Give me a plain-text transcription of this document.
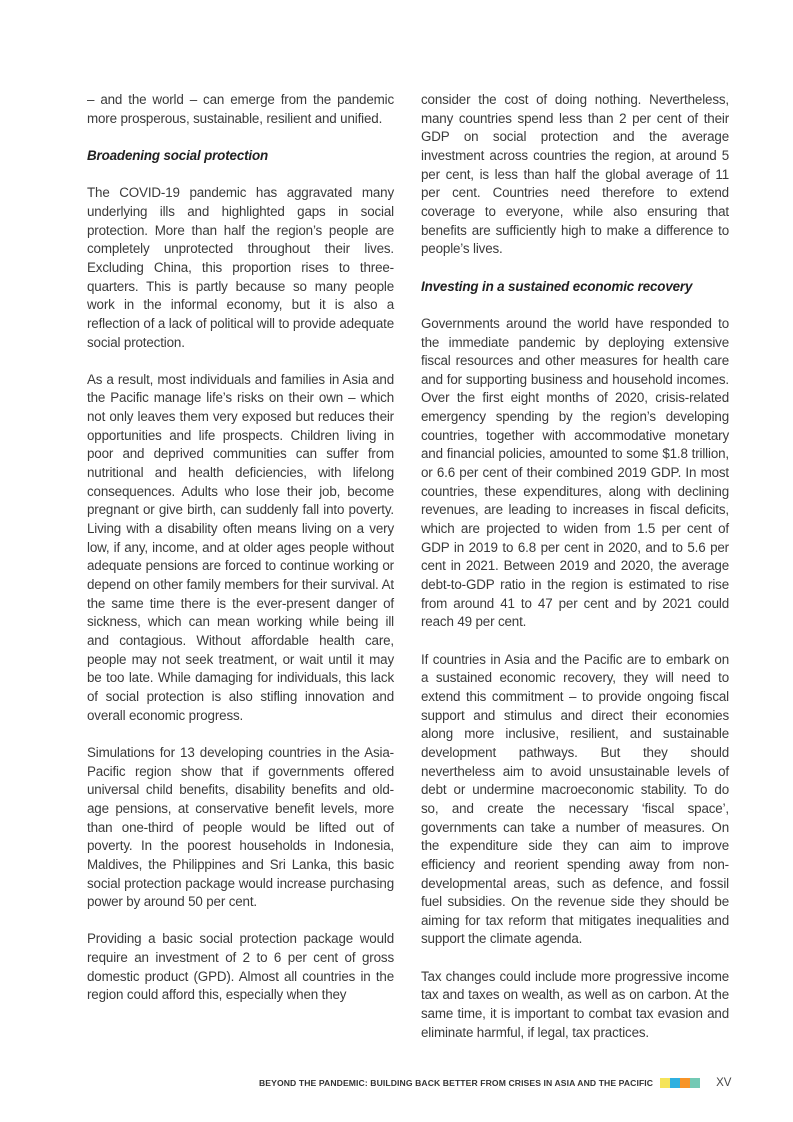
– and the world – can emerge from the pandemic more prosperous, sustainable, resilient and unified.

Broadening social protection

The COVID-19 pandemic has aggravated many underlying ills and highlighted gaps in social protection. More than half the region’s people are completely unprotected throughout their lives. Excluding China, this proportion rises to three-quarters. This is partly because so many people work in the informal economy, but it is also a reflection of a lack of political will to provide adequate social protection.

As a result, most individuals and families in Asia and the Pacific manage life’s risks on their own – which not only leaves them very exposed but reduces their opportunities and life prospects. Children living in poor and deprived communities can suffer from nutritional and health deficiencies, with lifelong consequences. Adults who lose their job, become pregnant or give birth, can suddenly fall into poverty. Living with a disability often means living on a very low, if any, income, and at older ages people without adequate pensions are forced to continue working or depend on other family members for their survival. At the same time there is the ever-present danger of sickness, which can mean working while being ill and contagious. Without affordable health care, people may not seek treatment, or wait until it may be too late. While damaging for individuals, this lack of social protection is also stifling innovation and overall economic progress.

Simulations for 13 developing countries in the Asia-Pacific region show that if governments offered universal child benefits, disability benefits and old-age pensions, at conservative benefit levels, more than one-third of people would be lifted out of poverty. In the poorest households in Indonesia, Maldives, the Philippines and Sri Lanka, this basic social protection package would increase purchasing power by around 50 per cent.

Providing a basic social protection package would require an investment of 2 to 6 per cent of gross domestic product (GPD). Almost all countries in the region could afford this, especially when they

consider the cost of doing nothing. Nevertheless, many countries spend less than 2 per cent of their GDP on social protection and the average investment across countries the region, at around 5 per cent, is less than half the global average of 11 per cent. Countries need therefore to extend coverage to everyone, while also ensuring that benefits are sufficiently high to make a difference to people’s lives.

Investing in a sustained economic recovery

Governments around the world have responded to the immediate pandemic by deploying extensive fiscal resources and other measures for health care and for supporting business and household incomes. Over the first eight months of 2020, crisis-related emergency spending by the region’s developing countries, together with accommodative monetary and financial policies, amounted to some $1.8 trillion, or 6.6 per cent of their combined 2019 GDP. In most countries, these expenditures, along with declining revenues, are leading to increases in fiscal deficits, which are projected to widen from 1.5 per cent of GDP in 2019 to 6.8 per cent in 2020, and to 5.6 per cent in 2021. Between 2019 and 2020, the average debt-to-GDP ratio in the region is estimated to rise from around 41 to 47 per cent and by 2021 could reach 49 per cent.

If countries in Asia and the Pacific are to embark on a sustained economic recovery, they will need to extend this commitment – to provide ongoing fiscal support and stimulus and direct their economies along more inclusive, resilient, and sustainable development pathways. But they should nevertheless aim to avoid unsustainable levels of debt or undermine macroeconomic stability. To do so, and create the necessary ‘fiscal space’, governments can take a number of measures. On the expenditure side they can aim to improve efficiency and reorient spending away from non-developmental areas, such as defence, and fossil fuel subsidies. On the revenue side they should be aiming for tax reform that mitigates inequalities and support the climate agenda.

Tax changes could include more progressive income tax and taxes on wealth, as well as on carbon. At the same time, it is important to combat tax evasion and eliminate harmful, if legal, tax practices.

BEYOND THE PANDEMIC: BUILDING BACK BETTER FROM CRISES IN ASIA AND THE PACIFIC	XV
